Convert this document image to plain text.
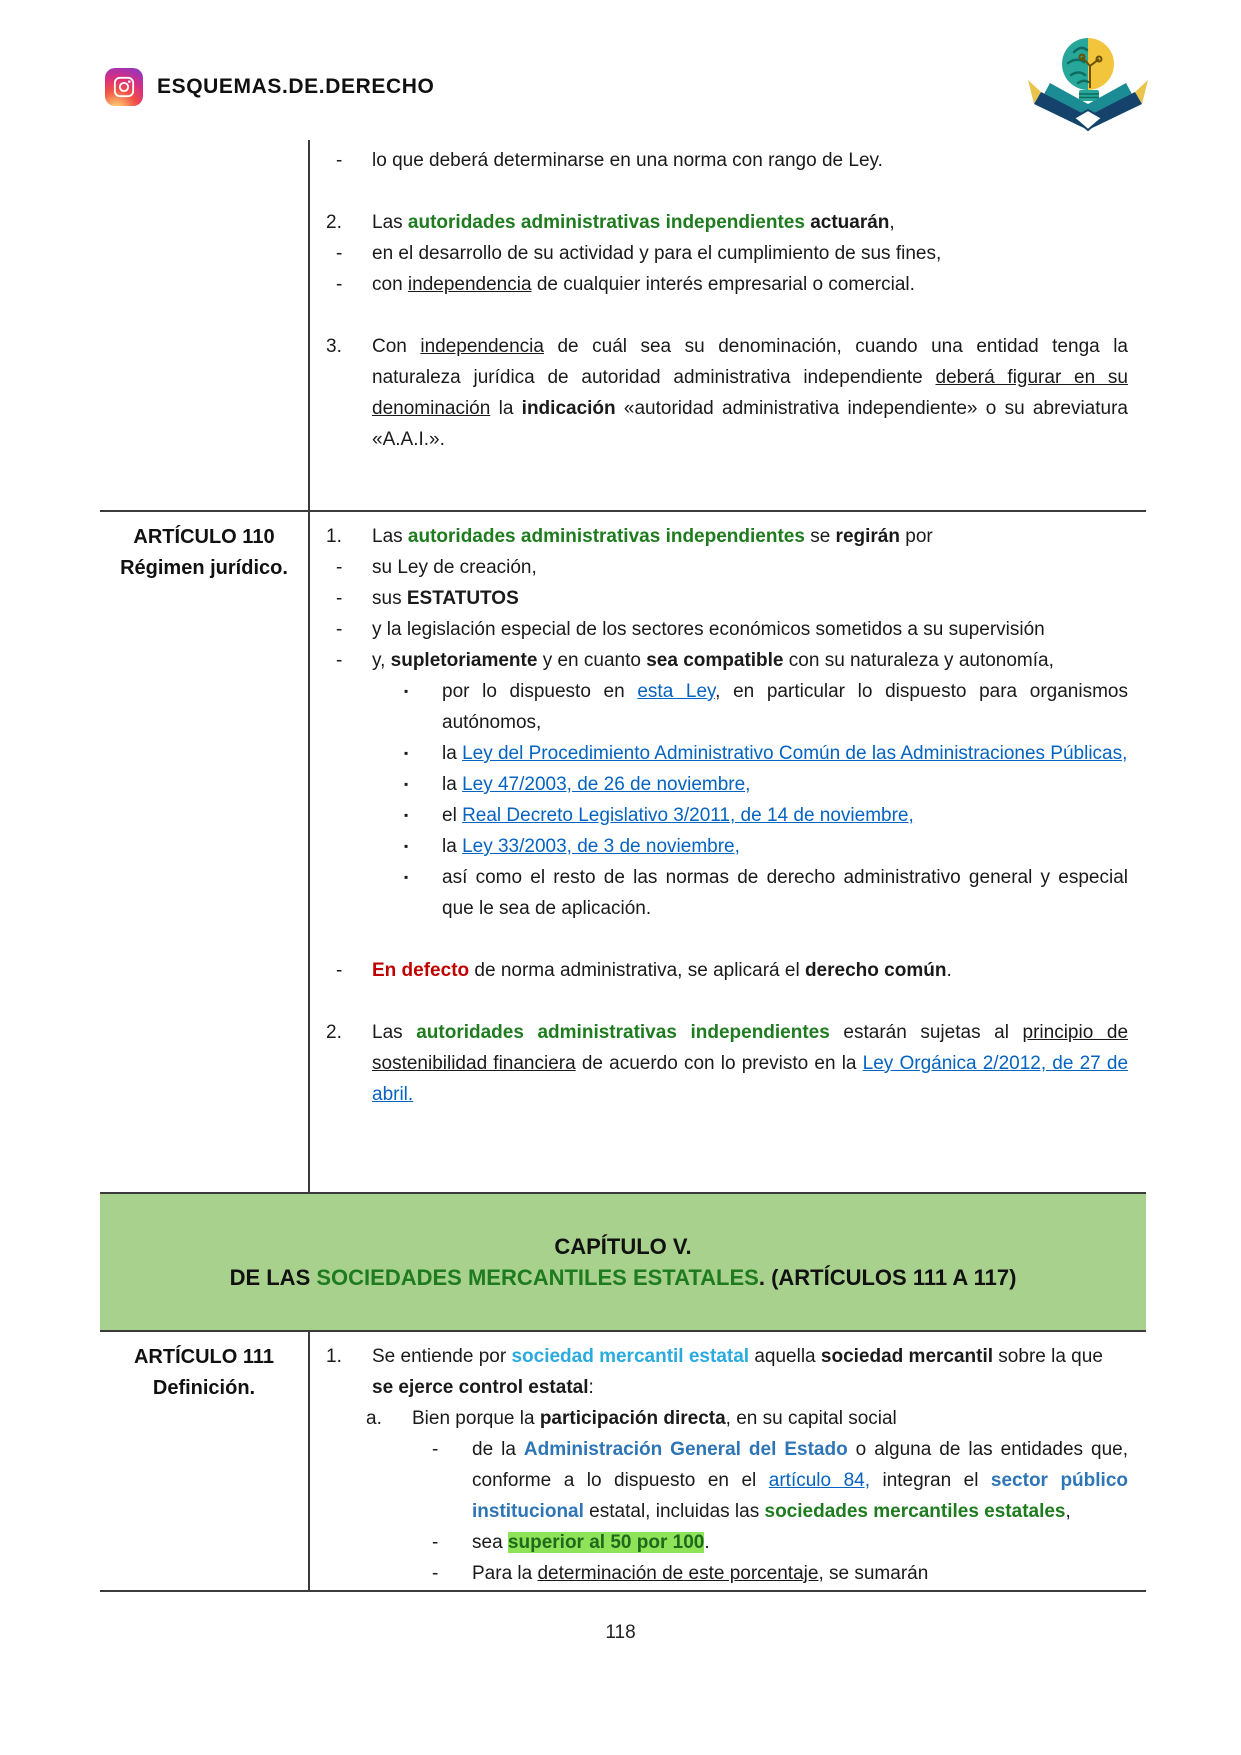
ESQUEMAS.DE.DERECHO
-	lo que deberá determinarse en una norma con rango de Ley.
2.	Las autoridades administrativas independientes actuarán,
-	en el desarrollo de su actividad y para el cumplimiento de sus fines,
-	con independencia de cualquier interés empresarial o comercial.
3.	Con independencia de cuál sea su denominación, cuando una entidad tenga la naturaleza jurídica de autoridad administrativa independiente deberá figurar en su denominación la indicación «autoridad administrativa independiente» o su abreviatura «A.A.I.».
ARTÍCULO 110
Régimen jurídico.
1.	Las autoridades administrativas independientes se regirán por
-	su Ley de creación,
-	sus ESTATUTOS
-	y la legislación especial de los sectores económicos sometidos a su supervisión
-	y, supletoriamente y en cuanto sea compatible con su naturaleza y autonomía,
▪	por lo dispuesto en esta Ley, en particular lo dispuesto para organismos autónomos,
▪	la Ley del Procedimiento Administrativo Común de las Administraciones Públicas,
▪	la Ley 47/2003, de 26 de noviembre,
▪	el Real Decreto Legislativo 3/2011, de 14 de noviembre,
▪	la Ley 33/2003, de 3 de noviembre,
▪	así como el resto de las normas de derecho administrativo general y especial que le sea de aplicación.
-	En defecto de norma administrativa, se aplicará el derecho común.
2.	Las autoridades administrativas independientes estarán sujetas al principio de sostenibilidad financiera de acuerdo con lo previsto en la Ley Orgánica 2/2012, de 27 de abril.
CAPÍTULO V.
DE LAS SOCIEDADES MERCANTILES ESTATALES. (ARTÍCULOS 111 A 117)
ARTÍCULO 111
Definición.
1.	Se entiende por sociedad mercantil estatal aquella sociedad mercantil sobre la que se ejerce control estatal:
a.	Bien porque la participación directa, en su capital social
-	de la Administración General del Estado o alguna de las entidades que, conforme a lo dispuesto en el artículo 84, integran el sector público institucional estatal, incluidas las sociedades mercantiles estatales,
-	sea superior al 50 por 100.
-	Para la determinación de este porcentaje, se sumarán
118
